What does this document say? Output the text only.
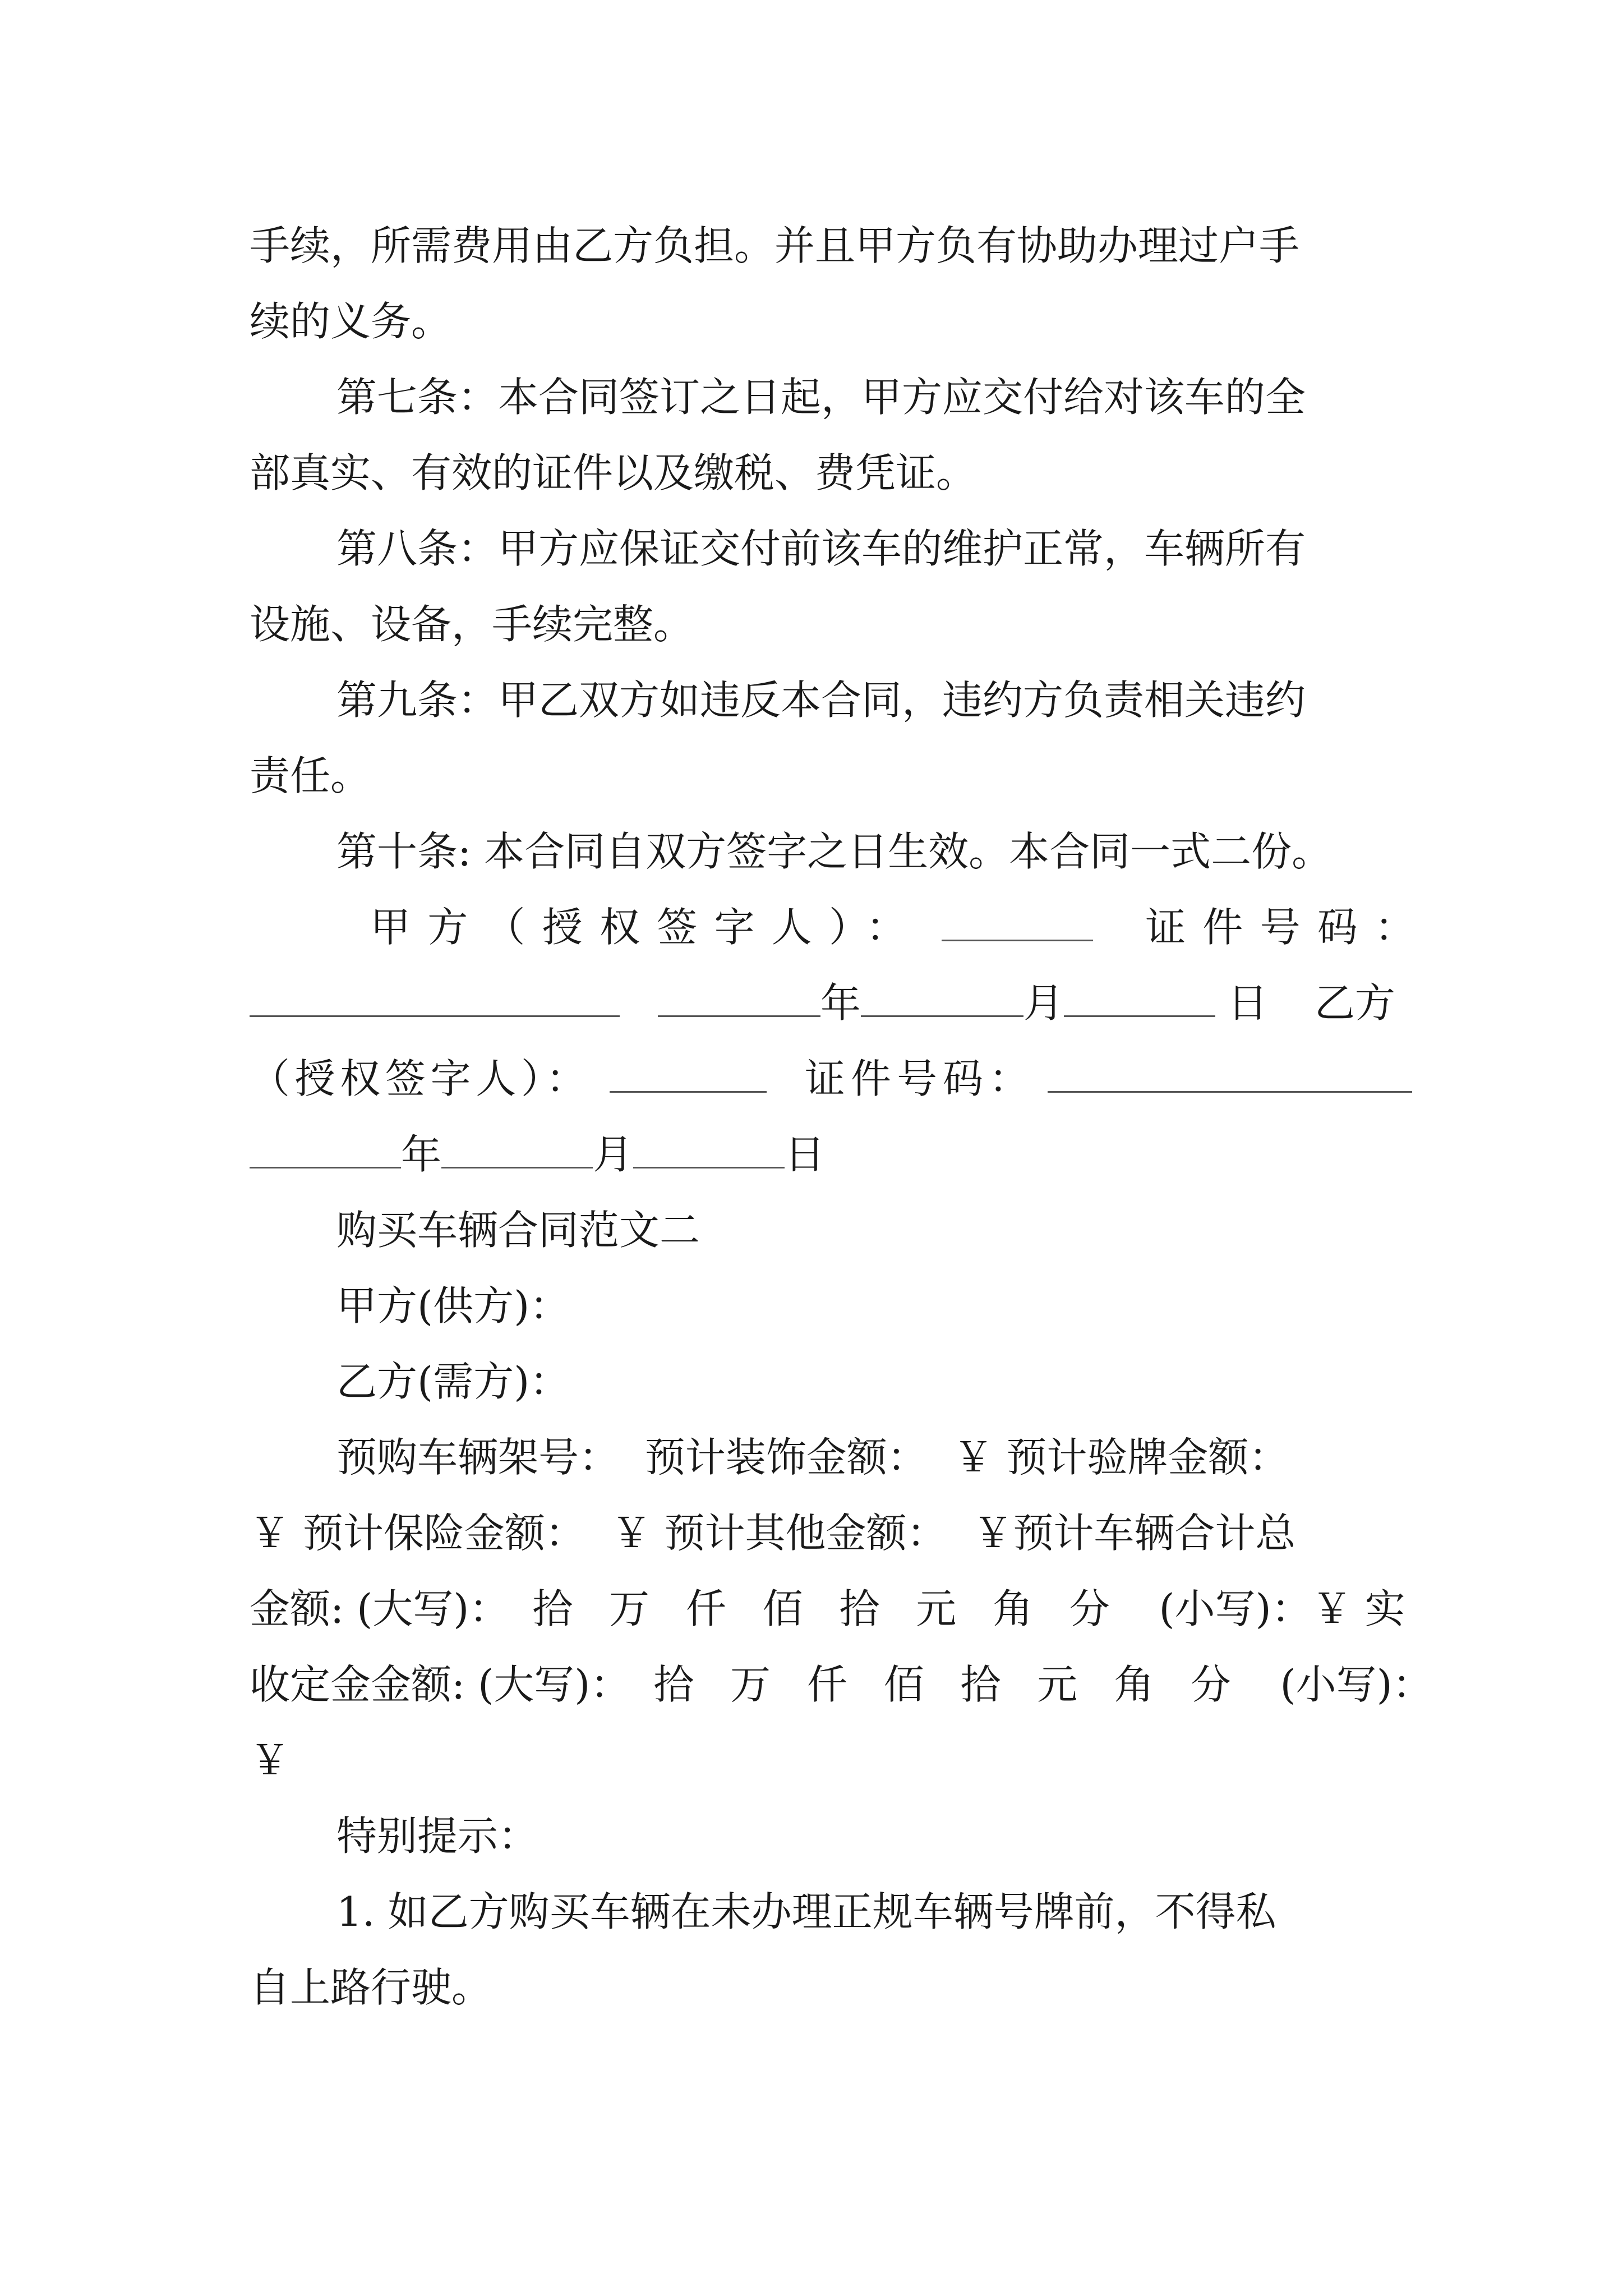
手续，所需费用由乙方负担。并且甲方负有协助办理过户手
续的义务。
第七条：本合同签订之日起，甲方应交付给对该车的全
部真实、有效的证件以及缴税、费凭证。
第八条：甲方应保证交付前该车的维护正常，车辆所有
设施、设备，手续完整。
第九条：甲乙双方如违反本合同，违约方负责相关违约
责任。
第十条: 本合同自双方签字之日生效。本合同一式二份。
甲方（授权签字人）：	证件号码：
年	月	日 乙方
（授权签字人）：	证件号码：
年	月	日
购买车辆合同范文二
甲方(供方)：
乙方(需方)：
预购车辆架号：  预计装饰金额：  ￥ 预计验牌金额：
￥ 预计保险金额：  ￥ 预计其他金额：  ￥预计车辆合计总
金额: (大写)： 拾万仟佰拾元角分 (小写)：￥ 实
收定金金额: (大写)： 拾万仟佰拾元角分 (小写)：
￥
特别提示：
1. 如乙方购买车辆在未办理正规车辆号牌前，不得私
自上路行驶。
